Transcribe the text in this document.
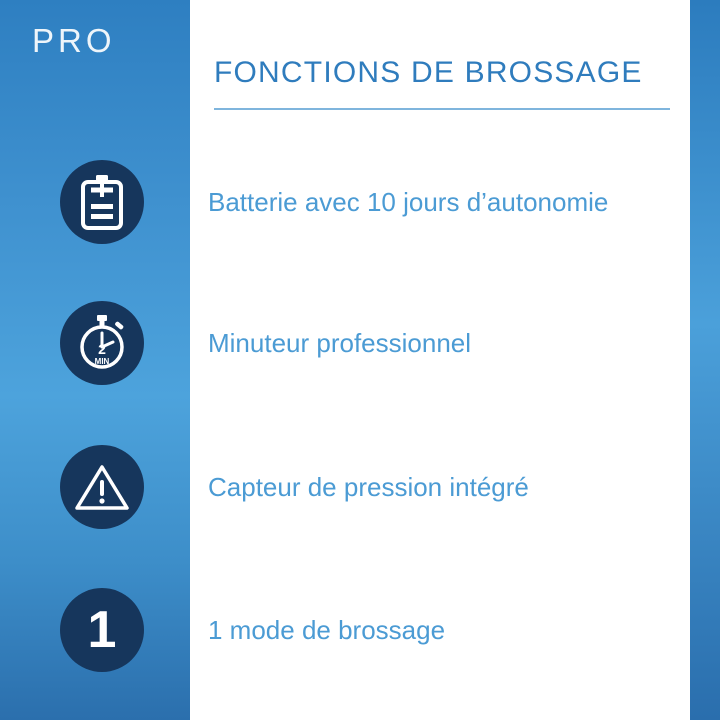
PRO
FONCTIONS DE BROSSAGE
Batterie avec 10 jours d’autonomie
2
MIN
Minuteur professionnel
Capteur de pression intégré
1	1 mode de brossage
